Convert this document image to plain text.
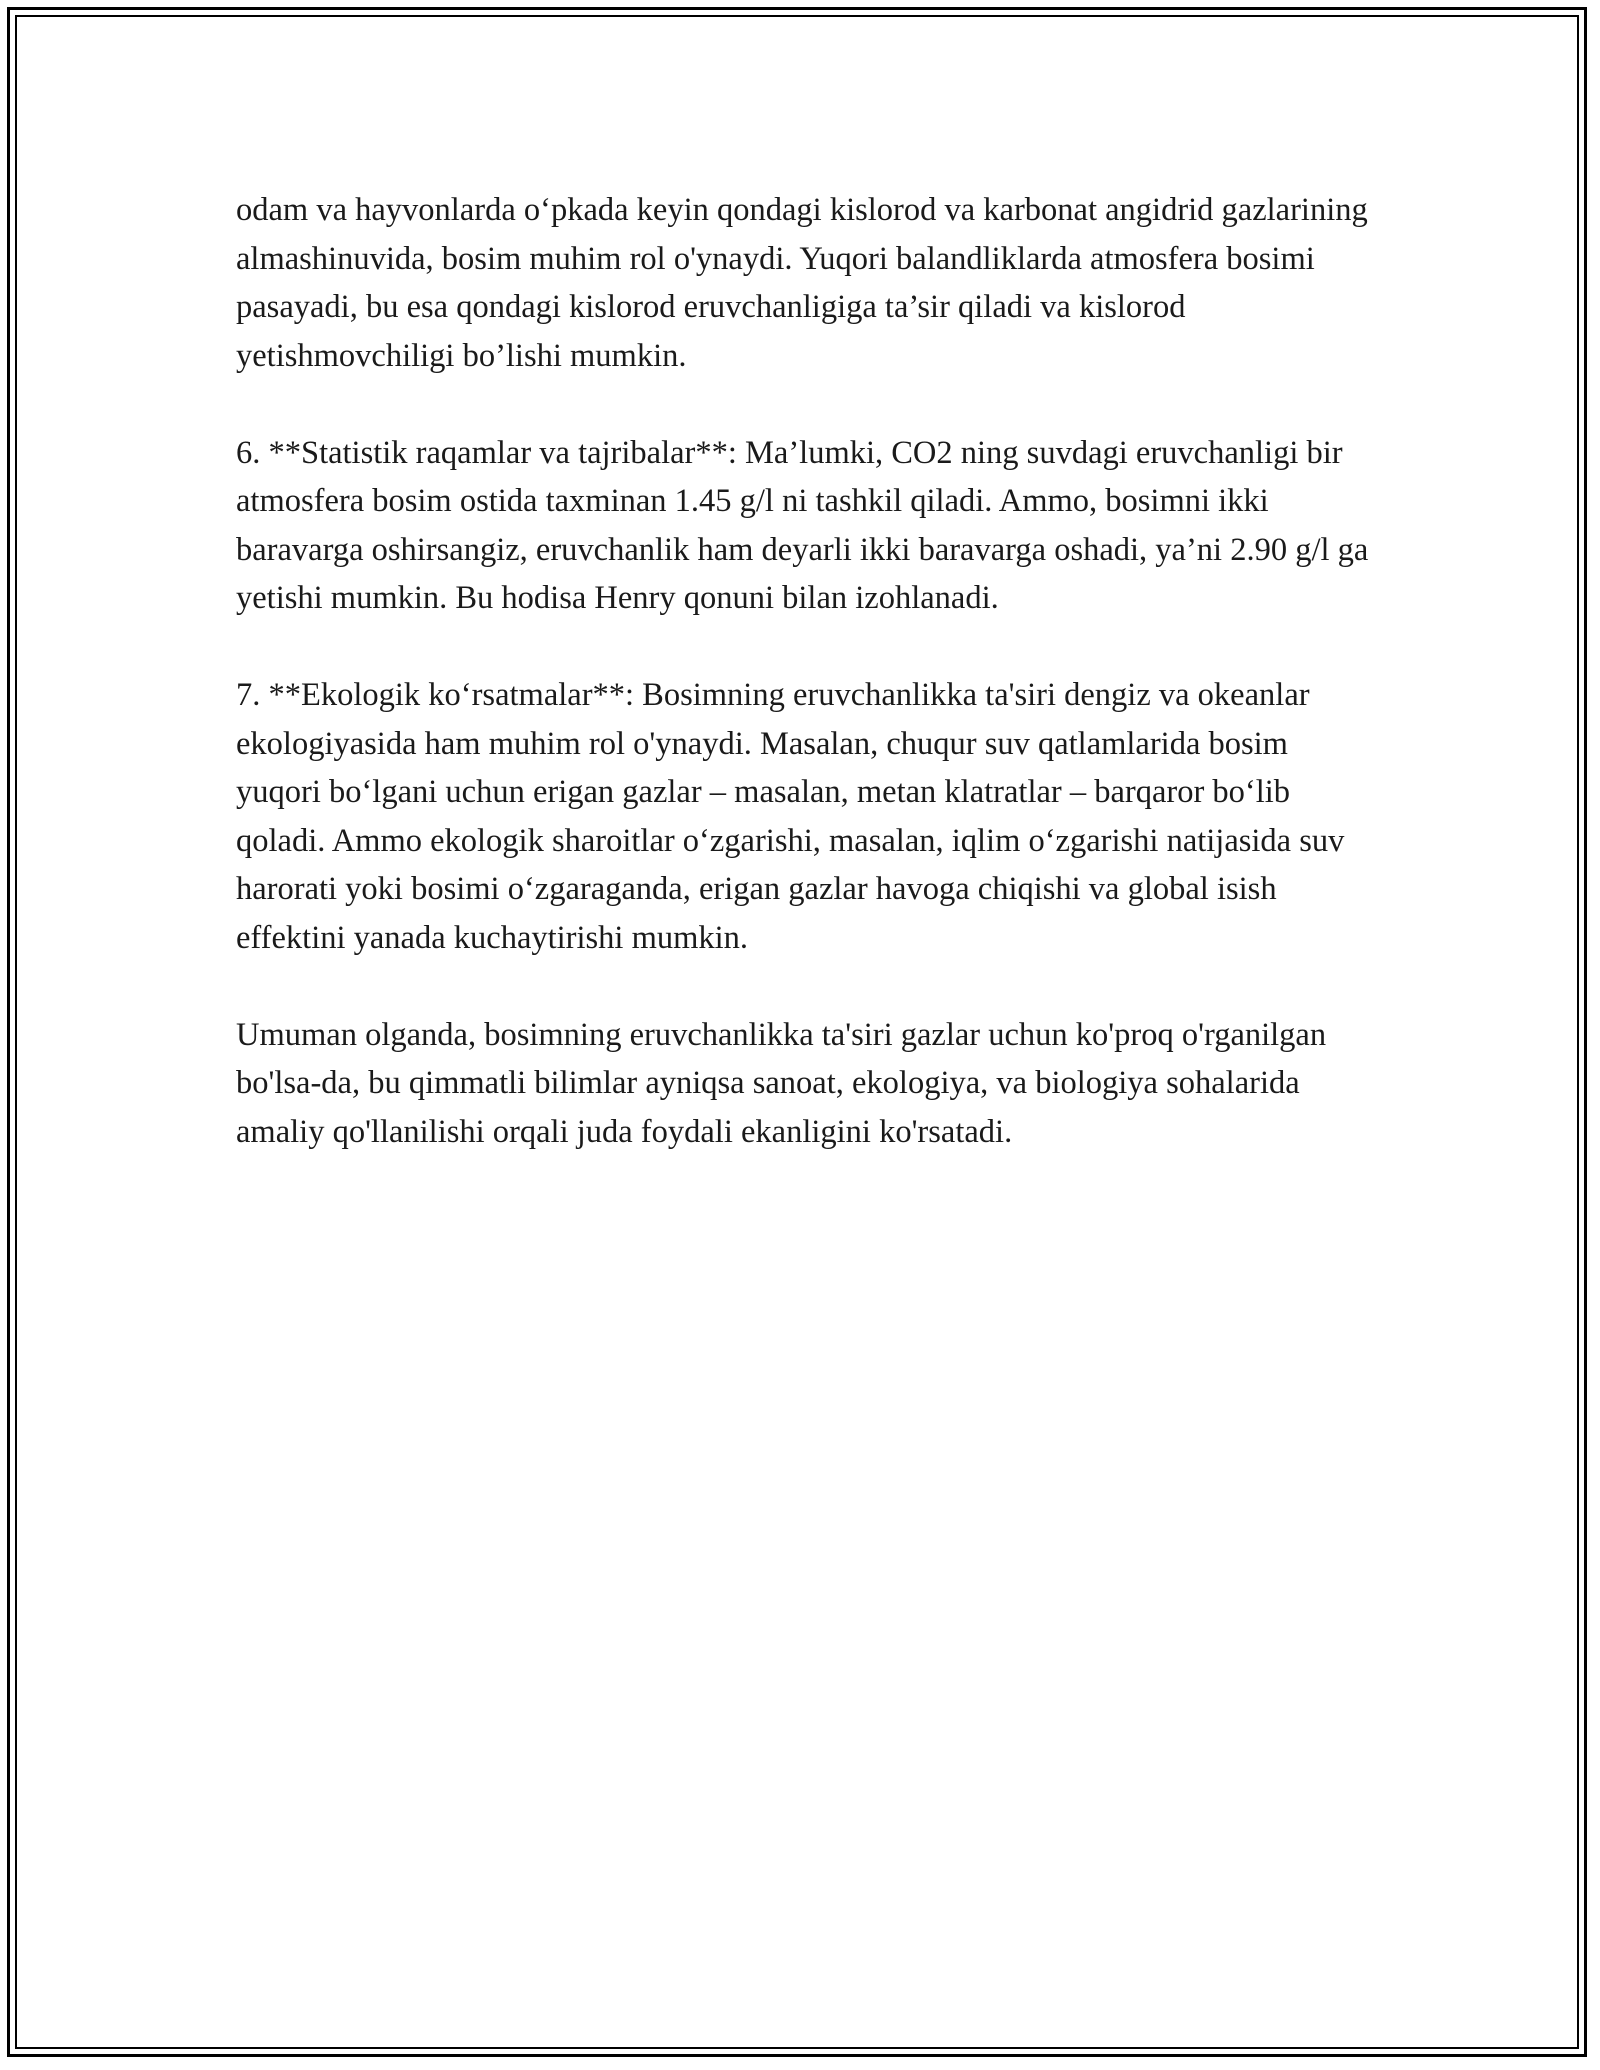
odam va hayvonlarda o‘pkada keyin qondagi kislorod va karbonat angidrid gazlarining almashinuvida, bosim muhim rol o'ynaydi. Yuqori balandliklarda atmosfera bosimi pasayadi, bu esa qondagi kislorod eruvchanligiga ta’sir qiladi va kislorod yetishmovchiligi bo’lishi mumkin.

6. **Statistik raqamlar va tajribalar**: Ma’lumki, CO2 ning suvdagi eruvchanligi bir atmosfera bosim ostida taxminan 1.45 g/l ni tashkil qiladi. Ammo, bosimni ikki baravarga oshirsangiz, eruvchanlik ham deyarli ikki baravarga oshadi, ya’ni 2.90 g/l ga yetishi mumkin. Bu hodisa Henry qonuni bilan izohlanadi.

7. **Ekologik ko‘rsatmalar**: Bosimning eruvchanlikka ta'siri dengiz va okeanlar ekologiyasida ham muhim rol o'ynaydi. Masalan, chuqur suv qatlamlarida bosim yuqori bo‘lgani uchun erigan gazlar – masalan, metan klatratlar – barqaror bo‘lib qoladi. Ammo ekologik sharoitlar o‘zgarishi, masalan, iqlim o‘zgarishi natijasida suv harorati yoki bosimi o‘zgaraganda, erigan gazlar havoga chiqishi va global isish effektini yanada kuchaytirishi mumkin.

Umuman olganda, bosimning eruvchanlikka ta'siri gazlar uchun ko'proq o'rganilgan bo'lsa-da, bu qimmatli bilimlar ayniqsa sanoat, ekologiya, va biologiya sohalarida amaliy qo'llanilishi orqali juda foydali ekanligini ko'rsatadi.
